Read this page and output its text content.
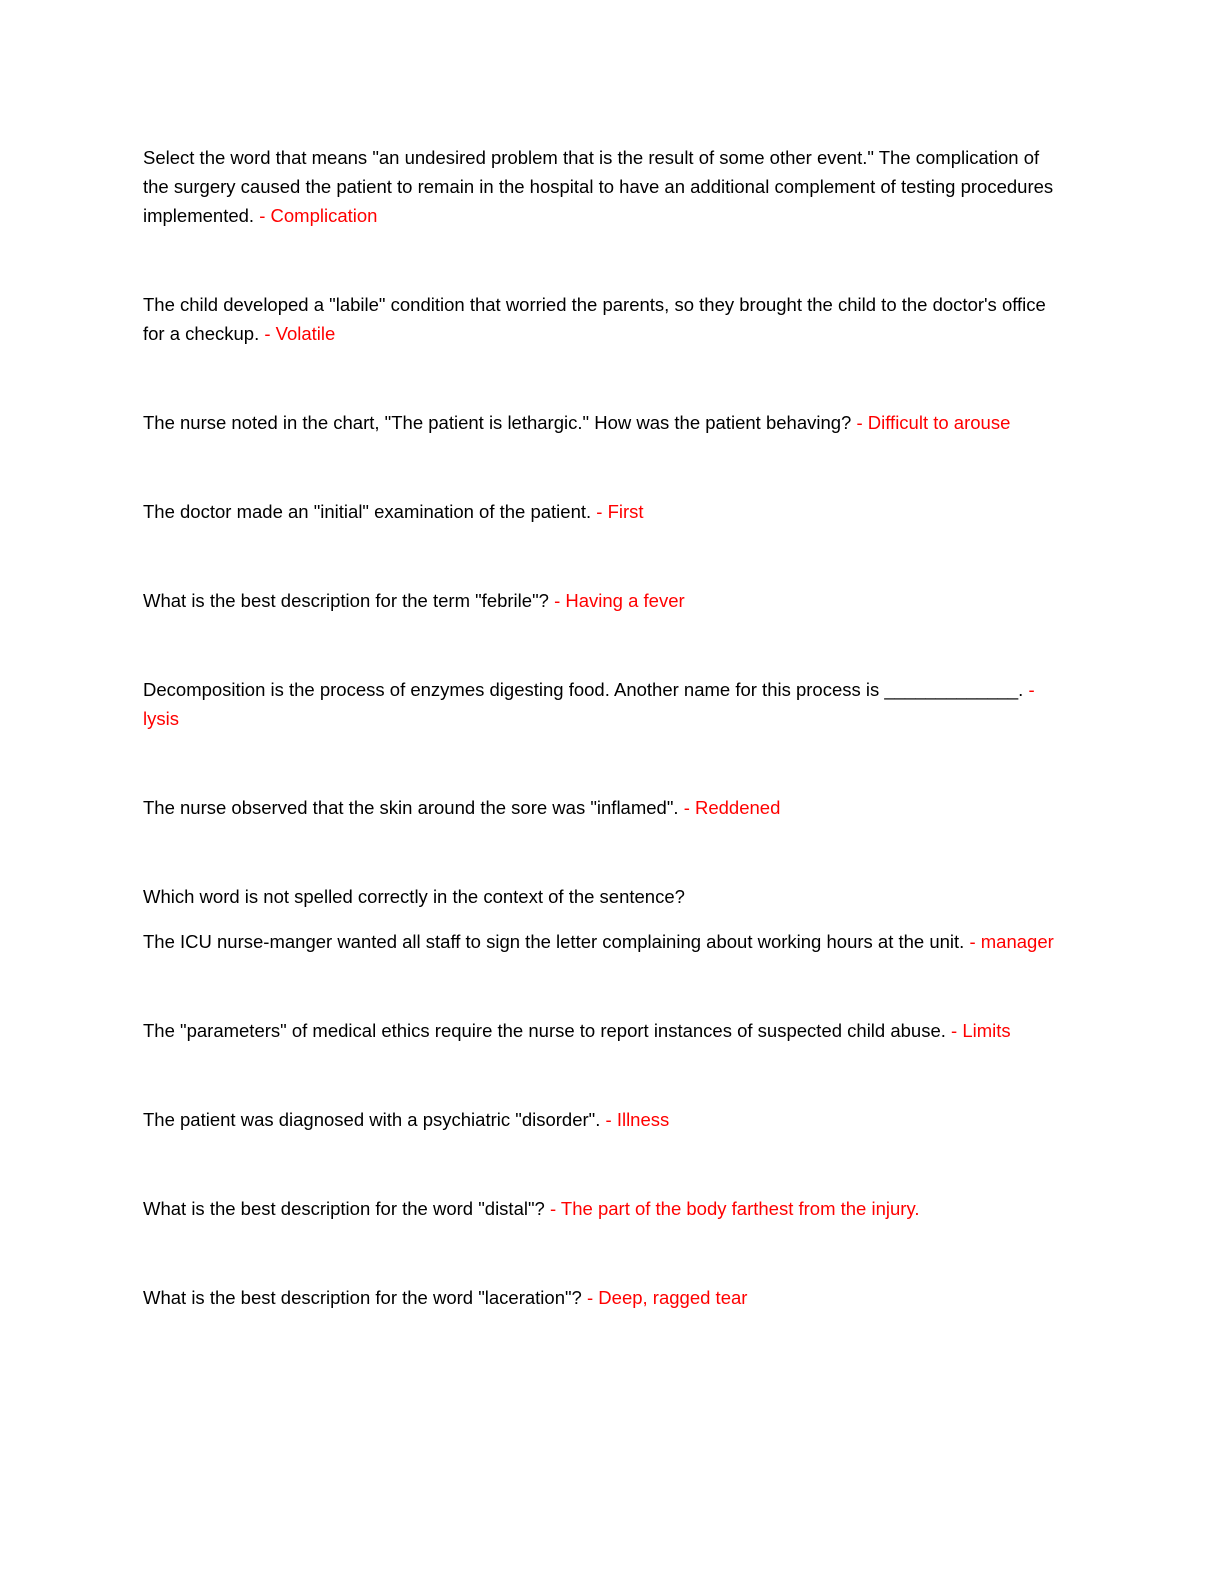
Select the word that means "an undesired problem that is the result of some other event." The complication of the surgery caused the patient to remain in the hospital to have an additional complement of testing procedures implemented. - Complication

The child developed a "labile" condition that worried the parents, so they brought the child to the doctor's office for a checkup. - Volatile

The nurse noted in the chart, "The patient is lethargic." How was the patient behaving? - Difficult to arouse

The doctor made an "initial" examination of the patient. - First

What is the best description for the term "febrile"? - Having a fever

Decomposition is the process of enzymes digesting food. Another name for this process is _____________. - lysis

The nurse observed that the skin around the sore was "inflamed". - Reddened

Which word is not spelled correctly in the context of the sentence?

The ICU nurse-manger wanted all staff to sign the letter complaining about working hours at the unit. - manager

The "parameters" of medical ethics require the nurse to report instances of suspected child abuse. - Limits

The patient was diagnosed with a psychiatric "disorder". - Illness

What is the best description for the word "distal"? - The part of the body farthest from the injury.

What is the best description for the word "laceration"? - Deep, ragged tear
